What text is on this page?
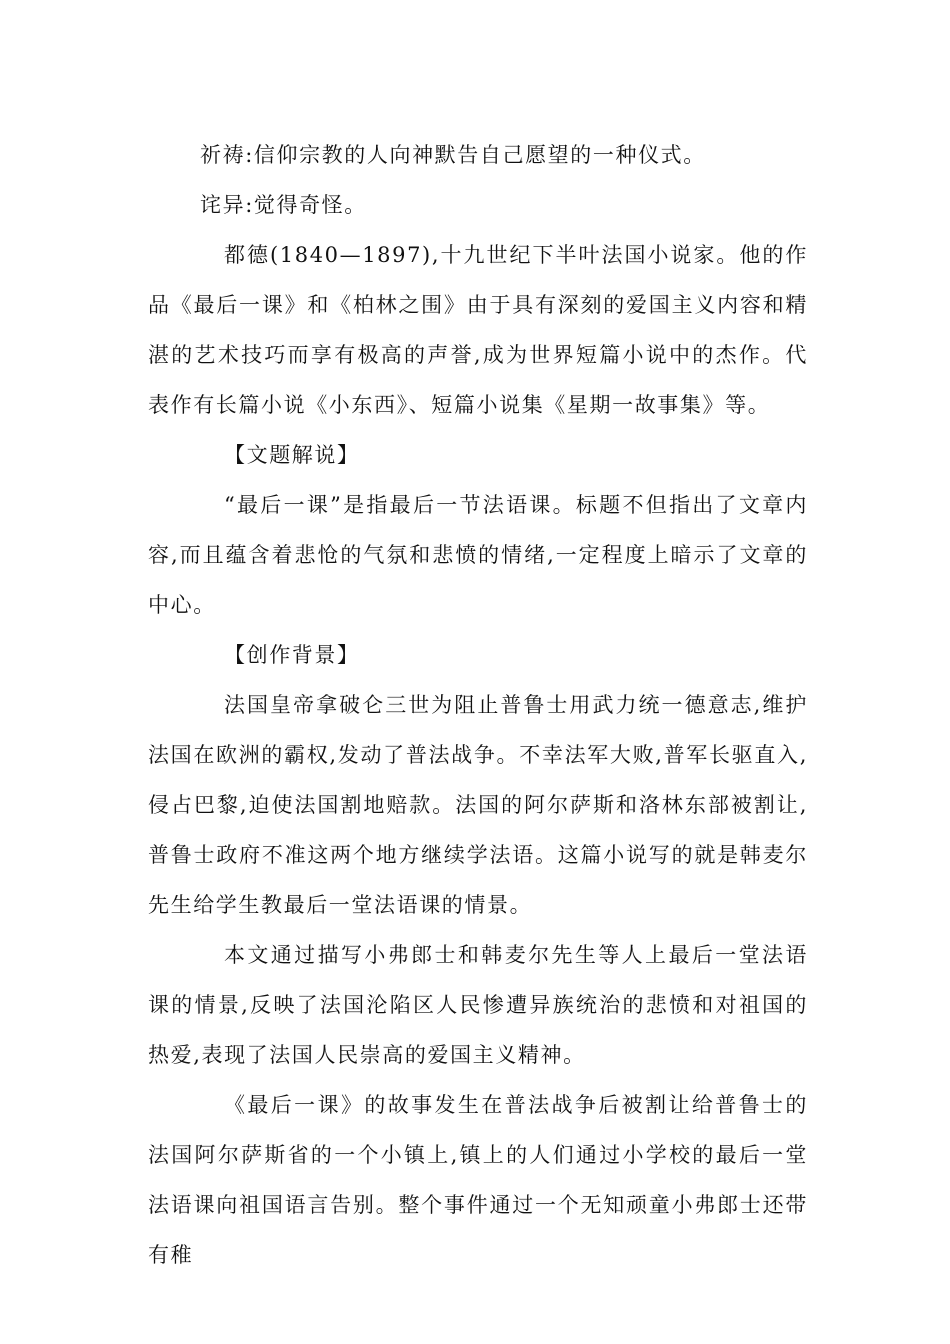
祈祷:信仰宗教的人向神默告自己愿望的一种仪式。

诧异:觉得奇怪。

都德(1840—1897),十九世纪下半叶法国小说家。他的作品《最后一课》和《柏林之围》由于具有深刻的爱国主义内容和精湛的艺术技巧而享有极高的声誉,成为世界短篇小说中的杰作。代表作有长篇小说《小东西》、短篇小说集《星期一故事集》等。

【文题解说】

“最后一课”是指最后一节法语课。标题不但指出了文章内容,而且蕴含着悲怆的气氛和悲愤的情绪,一定程度上暗示了文章的中心。

【创作背景】

法国皇帝拿破仑三世为阻止普鲁士用武力统一德意志,维护法国在欧洲的霸权,发动了普法战争。不幸法军大败,普军长驱直入,侵占巴黎,迫使法国割地赔款。法国的阿尔萨斯和洛林东部被割让,普鲁士政府不准这两个地方继续学法语。这篇小说写的就是韩麦尔先生给学生教最后一堂法语课的情景。

本文通过描写小弗郎士和韩麦尔先生等人上最后一堂法语课的情景,反映了法国沦陷区人民惨遭异族统治的悲愤和对祖国的热爱,表现了法国人民崇高的爱国主义精神。

《最后一课》的故事发生在普法战争后被割让给普鲁士的法国阿尔萨斯省的一个小镇上,镇上的人们通过小学校的最后一堂法语课向祖国语言告别。整个事件通过一个无知顽童小弗郎士还带有稚
